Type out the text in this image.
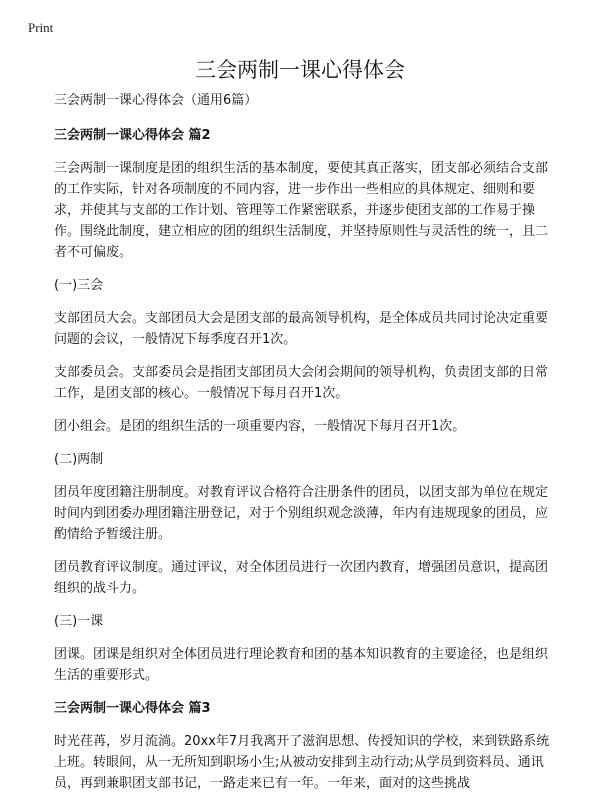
Print
三会两制一课心得体会

三会两制一课心得体会（通用6篇）

三会两制一课心得体会 篇2

三会两制一课制度是团的组织生活的基本制度，要使其真正落实，团支部必须结合支部的工作实际，针对各项制度的不同内容，进一步作出一些相应的具体规定、细则和要求，并使其与支部的工作计划、管理等工作紧密联系，并逐步使团支部的工作易于操作。围绕此制度，建立相应的团的组织生活制度，并坚持原则性与灵活性的统一，且二者不可偏废。

(一)三会

支部团员大会。支部团员大会是团支部的最高领导机构，是全体成员共同讨论决定重要问题的会议，一般情况下每季度召开1次。

支部委员会。支部委员会是指团支部团员大会闭会期间的领导机构，负责团支部的日常工作，是团支部的核心。一般情况下每月召开1次。

团小组会。是团的组织生活的一项重要内容，一般情况下每月召开1次。

(二)两制

团员年度团籍注册制度。对教育评议合格符合注册条件的团员，以团支部为单位在规定时间内到团委办理团籍注册登记，对于个别组织观念淡薄，年内有违规现象的团员，应酌情给予暂缓注册。

团员教育评议制度。通过评议，对全体团员进行一次团内教育，增强团员意识，提高团组织的战斗力。

(三)一课

团课。团课是组织对全体团员进行理论教育和团的基本知识教育的主要途径，也是组织生活的重要形式。

三会两制一课心得体会 篇3

时光荏苒，岁月流淌。20xx年7月我离开了滋润思想、传授知识的学校，来到铁路系统上班。转眼间，从一无所知到职场小生;从被动安排到主动行动;从学员到资料员、通讯员，再到兼职团支部书记，一路走来已有一年。一年来，面对的这些挑战
